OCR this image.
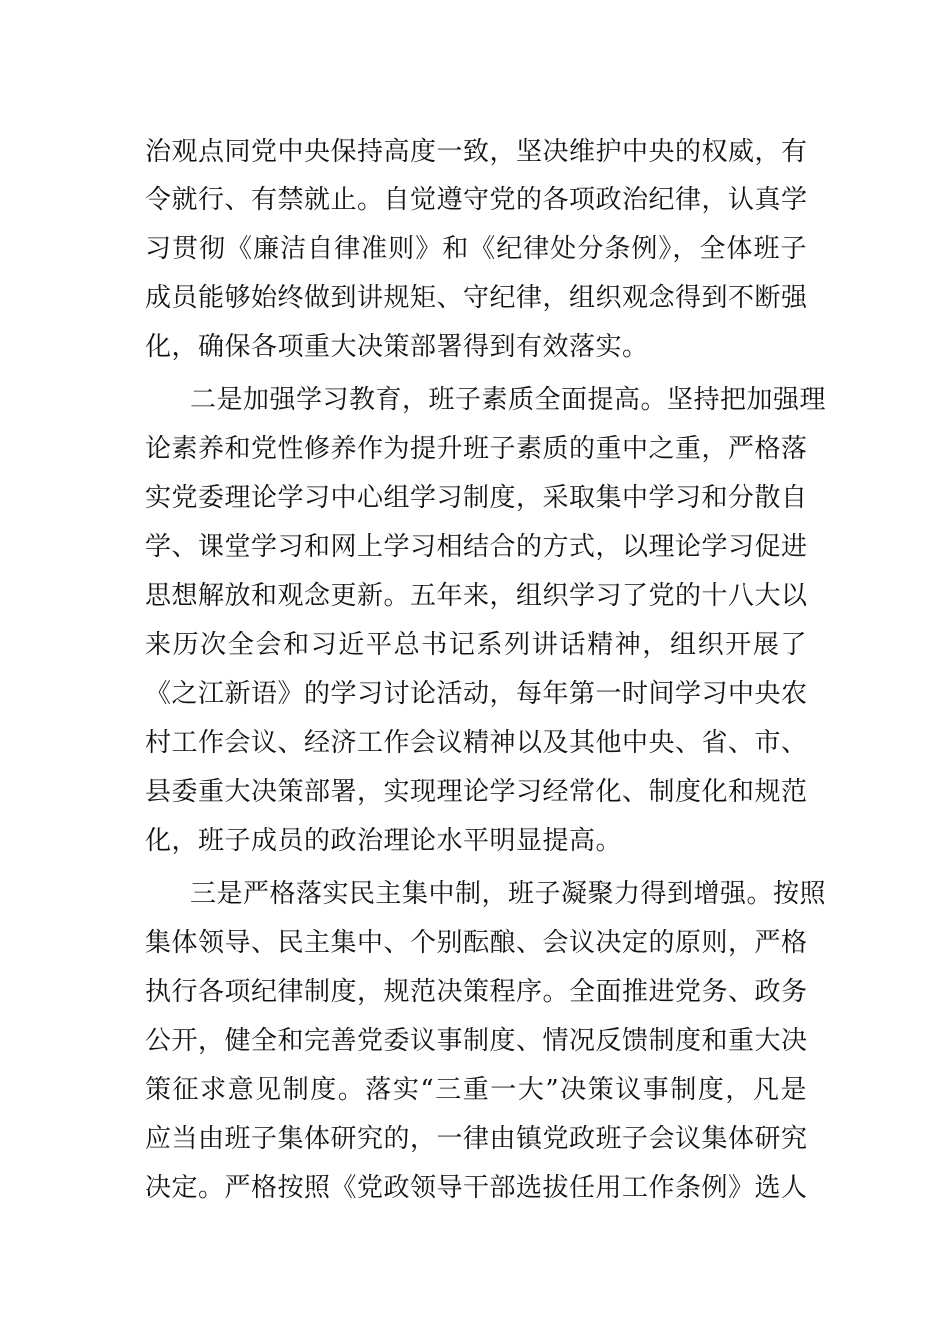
治观点同党中央保持高度一致，坚决维护中央的权威，有
令就行、有禁就止。自觉遵守党的各项政治纪律，认真学
习贯彻《廉洁自律准则》和《纪律处分条例》，全体班子
成员能够始终做到讲规矩、守纪律，组织观念得到不断强
化，确保各项重大决策部署得到有效落实。
二是加强学习教育，班子素质全面提高。坚持把加强理
论素养和党性修养作为提升班子素质的重中之重，严格落
实党委理论学习中心组学习制度，采取集中学习和分散自
学、课堂学习和网上学习相结合的方式，以理论学习促进
思想解放和观念更新。五年来，组织学习了党的十八大以
来历次全会和习近平总书记系列讲话精神，组织开展了
《之江新语》的学习讨论活动，每年第一时间学习中央农
村工作会议、经济工作会议精神以及其他中央、省、市、
县委重大决策部署，实现理论学习经常化、制度化和规范
化，班子成员的政治理论水平明显提高。
三是严格落实民主集中制，班子凝聚力得到增强。按照
集体领导、民主集中、个别酝酿、会议决定的原则，严格
执行各项纪律制度，规范决策程序。全面推进党务、政务
公开，健全和完善党委议事制度、情况反馈制度和重大决
策征求意见制度。落实“三重一大”决策议事制度，凡是
应当由班子集体研究的，一律由镇党政班子会议集体研究
决定。严格按照《党政领导干部选拔任用工作条例》选人
